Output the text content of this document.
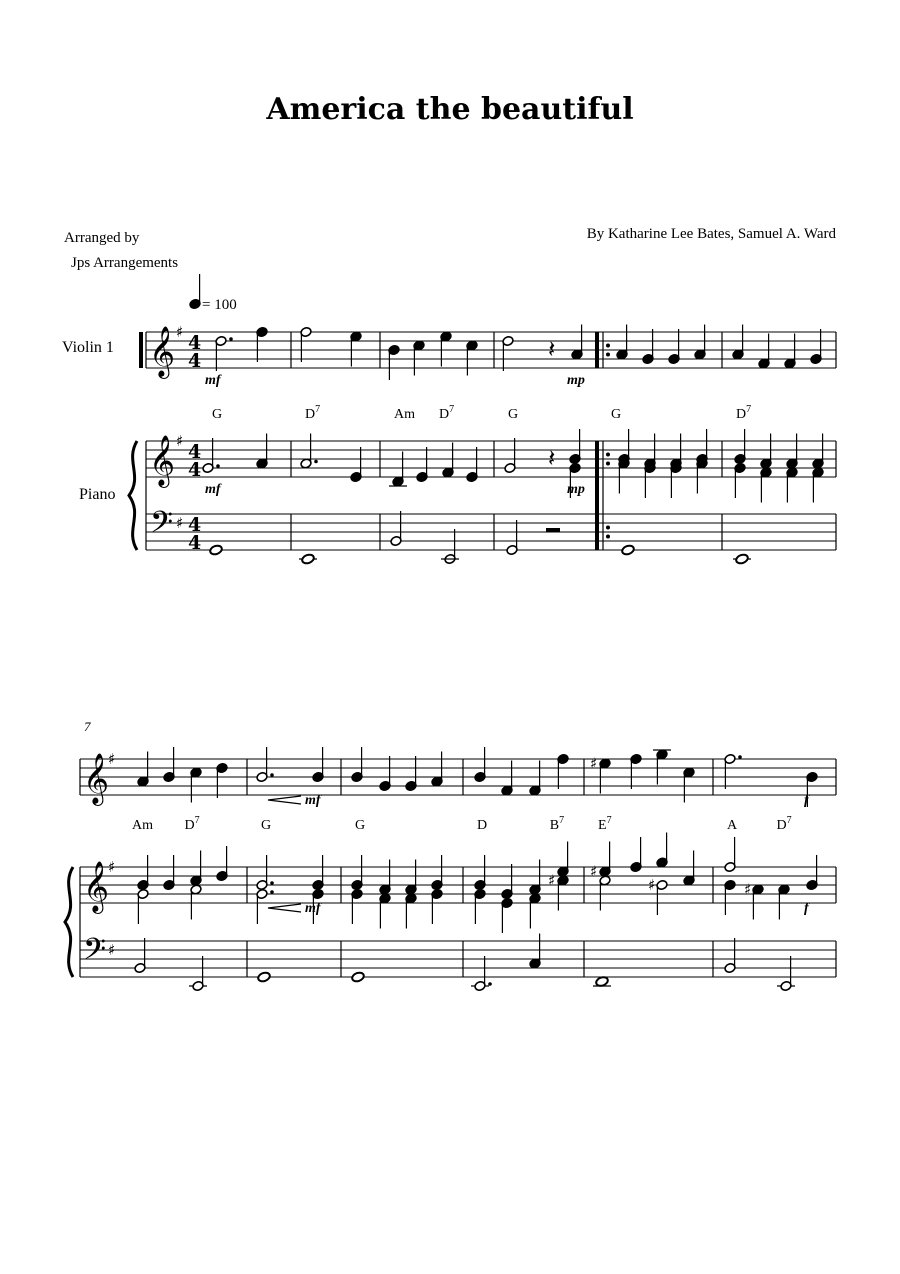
America the beautiful
Arranged by
Jps Arrangements
By Katharine Lee Bates, Samuel A. Ward
Violin 1
Piano
𝄞
𝄞
𝄢
♯
♯
♯
4
4
4
4
4
4
𝄽
𝄽
𝄞
𝄞
𝄢
♯
♯
♯
♯
♯ ♯
♯	♯
= 100
7
G	$D^7$	Am $D^7$	G	G	$D^7$
Am $D^7$	G	G	D	$B^7$ $E^7$	A	$D^7$
mf	mp
mf	mp
mf	f
mf	f
